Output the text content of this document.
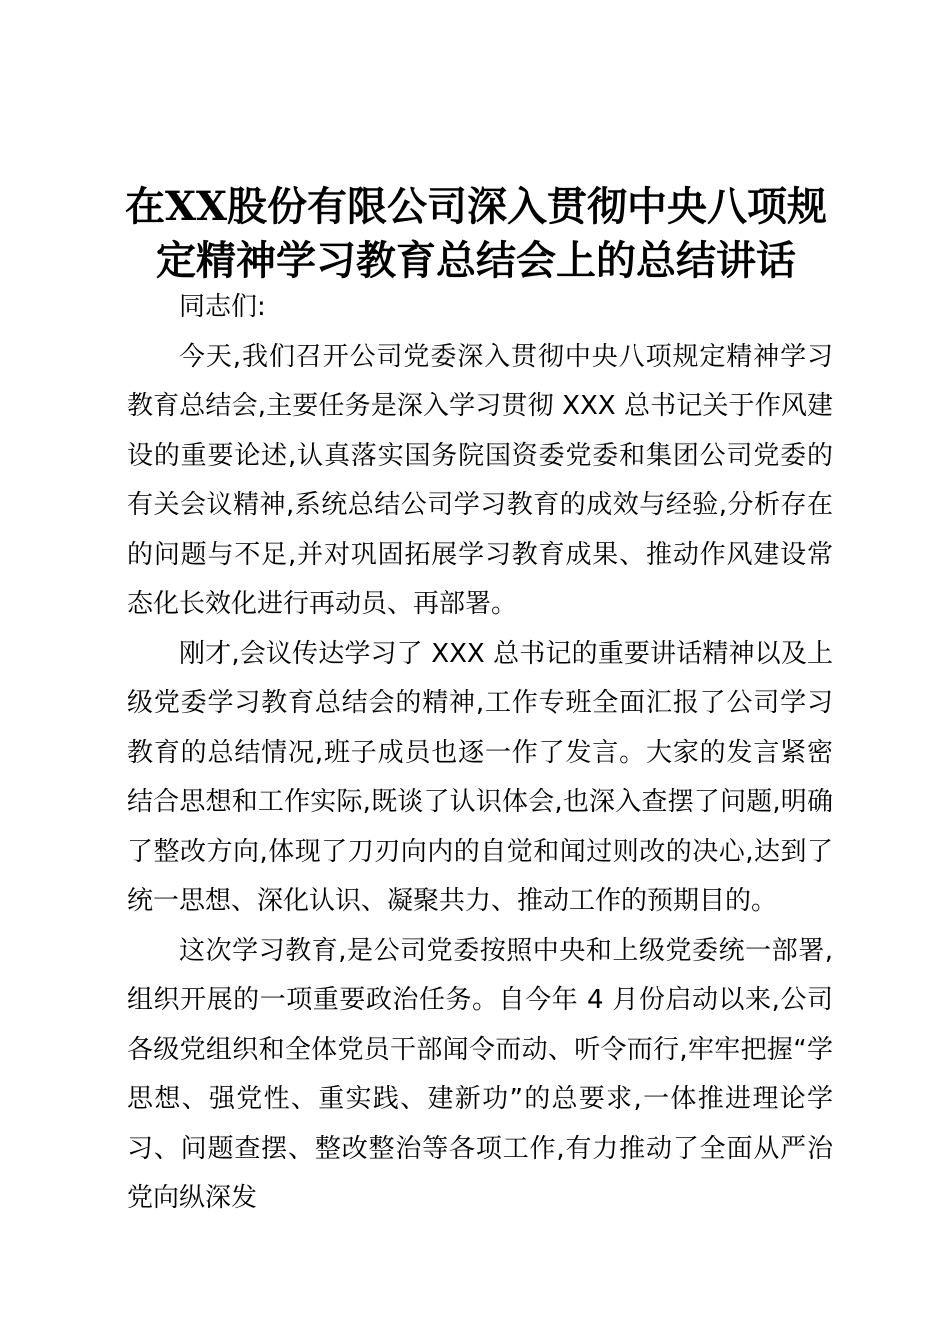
在XX股份有限公司深入贯彻中央八项规定精神学习教育总结会上的总结讲话

同志们:

今天,我们召开公司党委深入贯彻中央八项规定精神学习教育总结会,主要任务是深入学习贯彻 XXX 总书记关于作风建设的重要论述,认真落实国务院国资委党委和集团公司党委的有关会议精神,系统总结公司学习教育的成效与经验,分析存在的问题与不足,并对巩固拓展学习教育成果、推动作风建设常态化长效化进行再动员、再部署。

刚才,会议传达学习了 XXX 总书记的重要讲话精神以及上级党委学习教育总结会的精神,工作专班全面汇报了公司学习教育的总结情况,班子成员也逐一作了发言。大家的发言紧密结合思想和工作实际,既谈了认识体会,也深入查摆了问题,明确了整改方向,体现了刀刃向内的自觉和闻过则改的决心,达到了统一思想、深化认识、凝聚共力、推动工作的预期目的。

这次学习教育,是公司党委按照中央和上级党委统一部署,组织开展的一项重要政治任务。自今年 4 月份启动以来,公司各级党组织和全体党员干部闻令而动、听令而行,牢牢把握“学思想、强党性、重实践、建新功”的总要求,一体推进理论学习、问题查摆、整改整治等各项工作,有力推动了全面从严治党向纵深发
